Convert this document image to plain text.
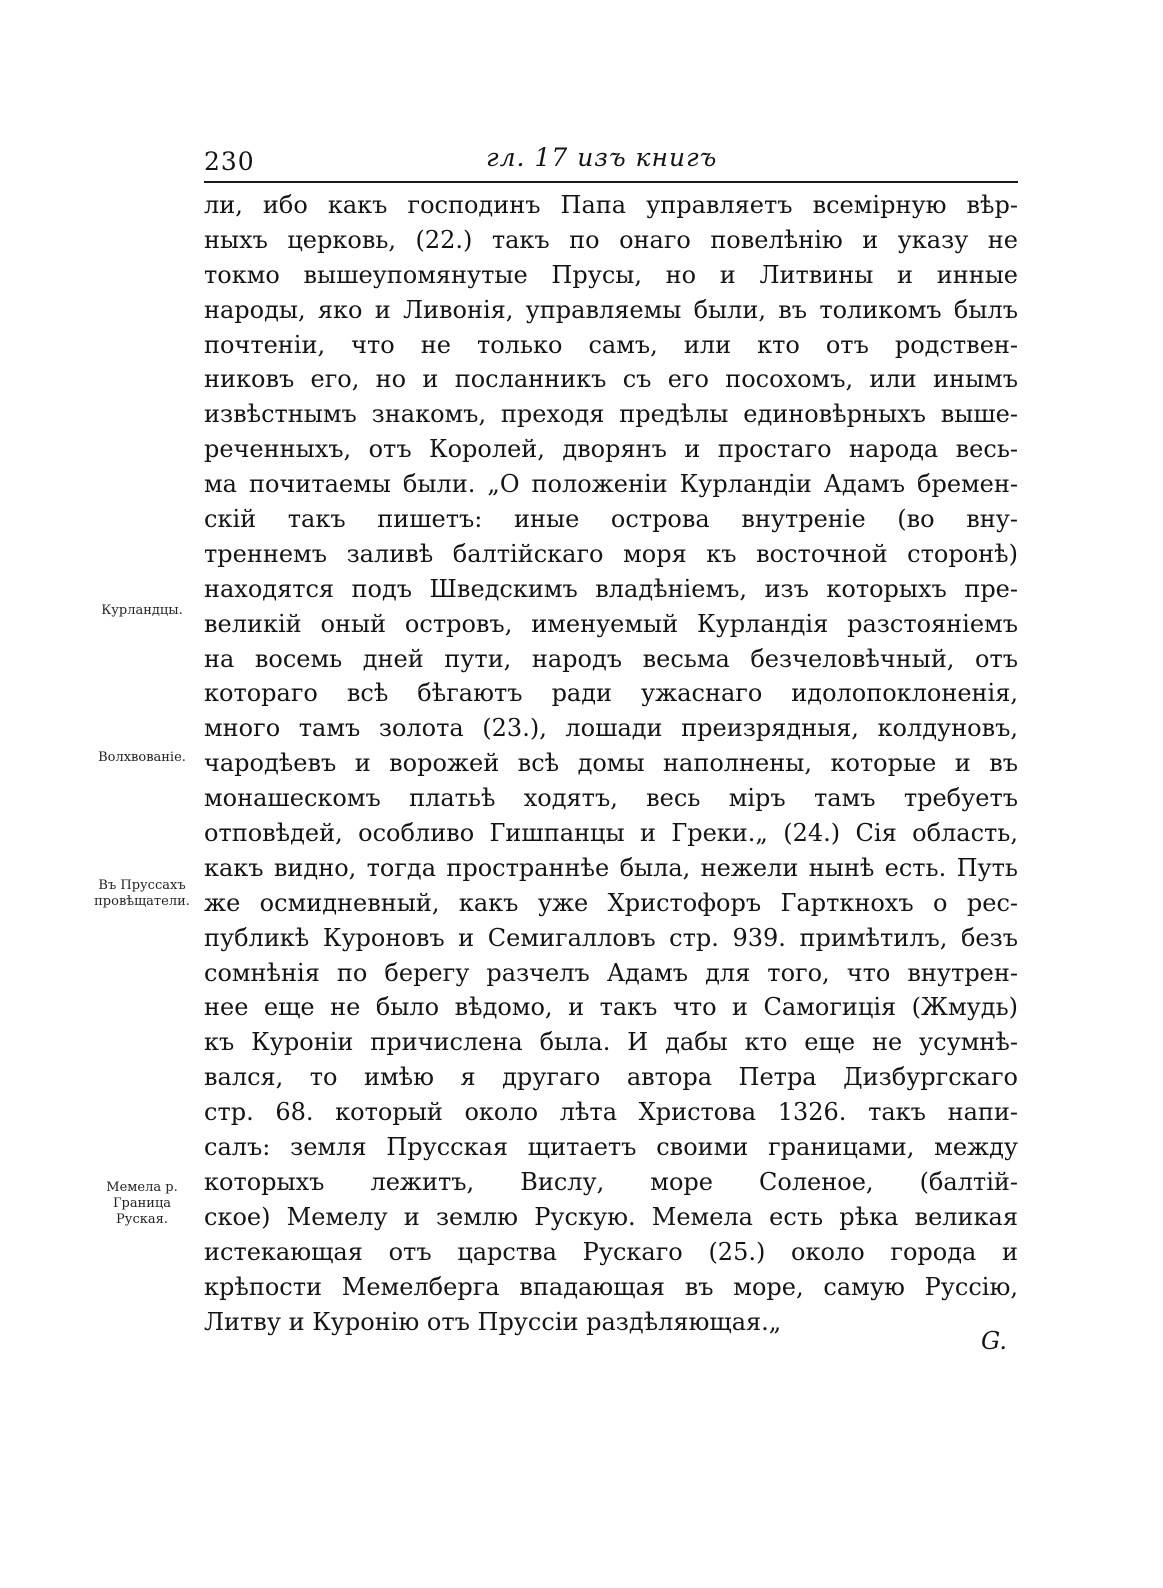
230	гл. 17 изъ книгъ
ли, ибо какъ господинъ Папа управляетъ всемірную вѣр-
ныхъ церковь, (22.) такъ по онаго повелѣнію и указу не
токмо вышеупомянутые Прусы, но и Литвины и инные
народы, яко и Ливонія, управляемы были, въ толикомъ былъ
почтеніи, что не только самъ, или кто отъ родствен-
никовъ его, но и посланникъ съ его посохомъ, или инымъ
извѣстнымъ знакомъ, преходя предѣлы единовѣрныхъ выше-
реченныхъ, отъ Королей, дворянъ и простаго народа весь-
ма почитаемы были. „О положеніи Курландіи Адамъ бремен-
скій такъ пишетъ: иные острова внутреніе (во вну-
треннемъ заливѣ балтійскаго моря къ восточной сторонѣ)
находятся подъ Шведскимъ владѣніемъ, изъ которыхъ пре-
великій оный островъ, именуемый Курландія разстояніемъ
на восемь дней пути, народъ весьма безчеловѣчный, отъ
котораго всѣ бѣгаютъ ради ужаснаго идолопоклоненія,
много тамъ золота (23.), лошади преизрядныя, колдуновъ,
чародѣевъ и ворожей всѣ домы наполнены, которые и въ
монашескомъ платьѣ ходятъ, весь міръ тамъ требуетъ
отповѣдей, особливо Гишпанцы и Греки.„ (24.) Сія область,
какъ видно, тогда пространнѣе была, нежели нынѣ есть. Путь
же осмидневный, какъ уже Христофоръ Гарткнохъ о рес-
публикѣ Куроновъ и Семигалловъ стр. 939. примѣтилъ, безъ
сомнѣнія по берегу разчелъ Адамъ для того, что внутрен-
нее еще не было вѣдомо, и такъ что и Самогиція (Жмудь)
къ Куроніи причислена была. И дабы кто еще не усумнѣ-
вался, то имѣю я другаго автора Петра Дизбургскаго
стр. 68. который около лѣта Христова 1326. такъ напи-
салъ: земля Прусская щитаетъ своими границами, между
которыхъ лежитъ, Вислу, море Соленое, (балтій-
ское) Мемелу и землю Рускую. Мемела есть рѣка великая
истекающая отъ царства Рускаго (25.) около города и
крѣпости Мемелберга впадающая въ море, самую Руссію,
Литву и Куронію отъ Пруссіи раздѣляющая.„
Курландцы.
Волхвованіе.
Въ Пруссахъ провѣщатели.
Мемела р. Граница Руская.
G.
